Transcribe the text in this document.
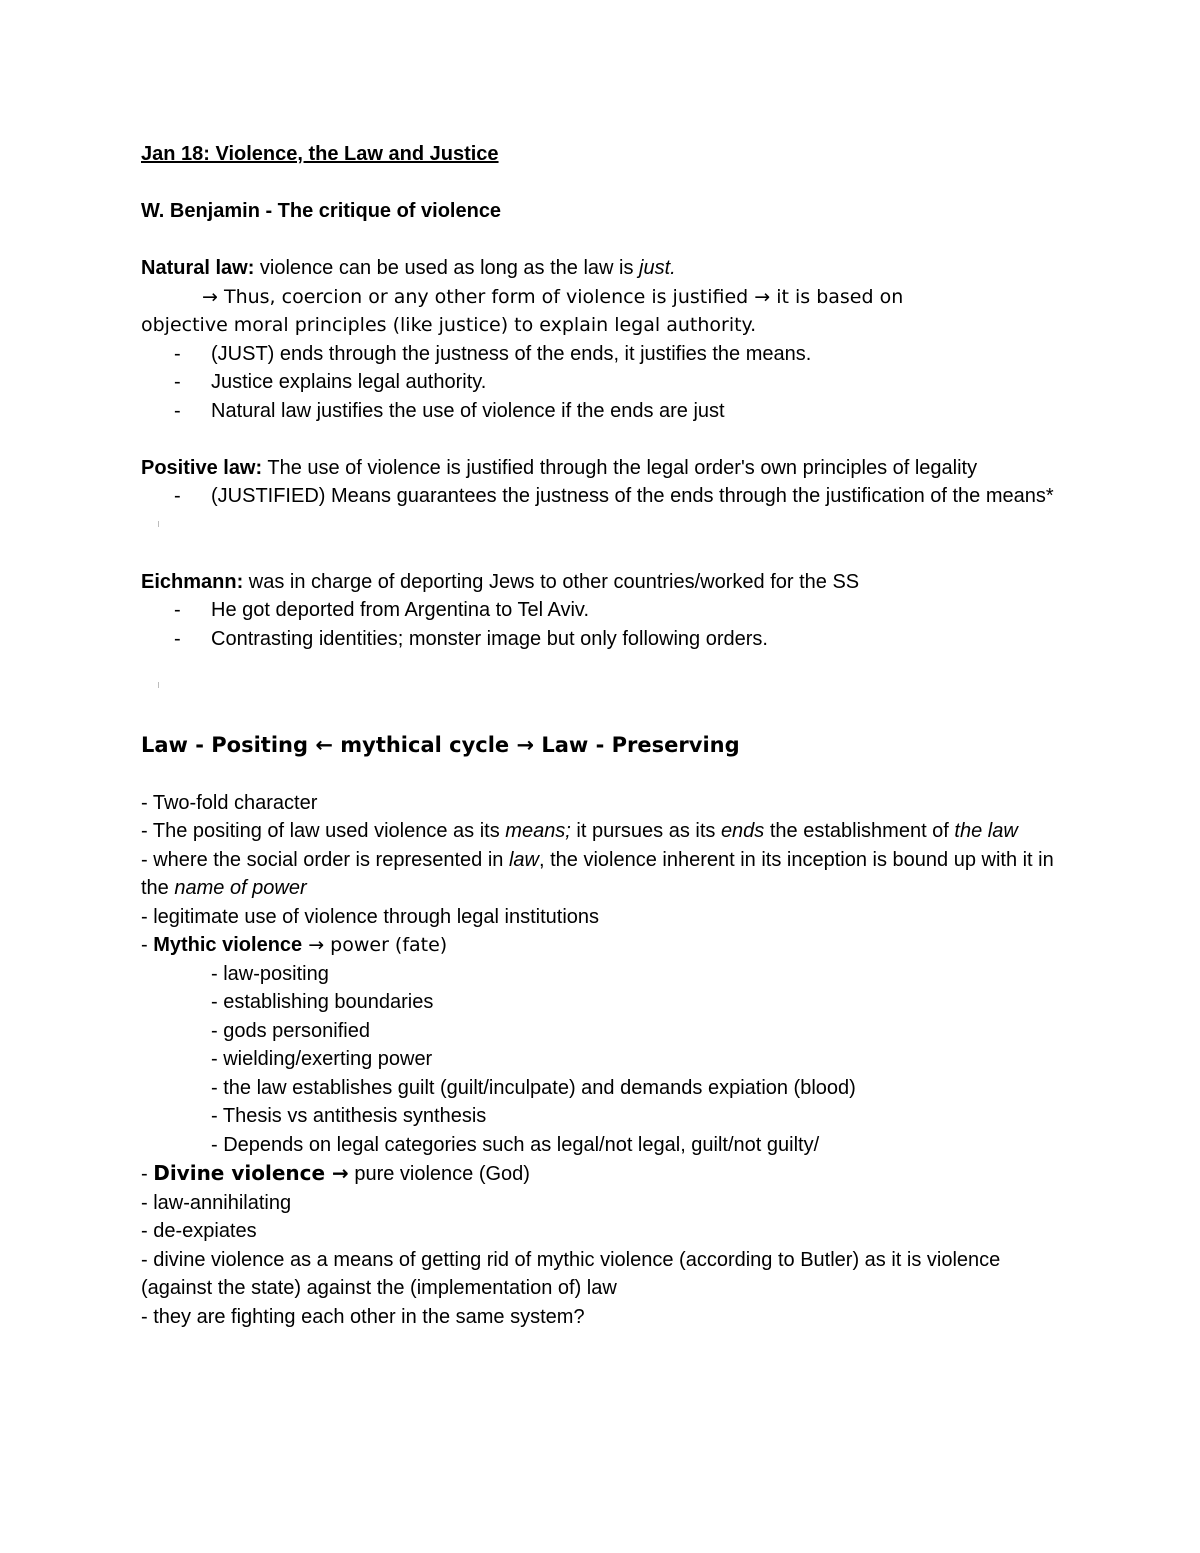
Jan 18: Violence, the Law and Justice

W. Benjamin - The critique of violence

Natural law: violence can be used as long as the law is just.

→ Thus, coercion or any other form of violence is justified → it is based on
objective moral principles (like justice) to explain legal authority.

- (JUST) ends through the justness of the ends, it justifies the means.
- Justice explains legal authority.
- Natural law justifies the use of violence if the ends are just

Positive law: The use of violence is justified through the legal order's own principles of legality

- (JUSTIFIED) Means guarantees the justness of the ends through the justification of the means*

Eichmann: was in charge of deporting Jews to other countries/worked for the SS

- He got deported from Argentina to Tel Aviv.
- Contrasting identities; monster image but only following orders.

Law - Positing ← mythical cycle → Law - Preserving

- Two-fold character

- The positing of law used violence as its means; it pursues as its ends the establishment of the law

- where the social order is represented in law, the violence inherent in its inception is bound up with it in the name of power

- legitimate use of violence through legal institutions

- Mythic violence → power (fate)

- law-positing

- establishing boundaries

- gods personified

- wielding/exerting power

- the law establishes guilt (guilt/inculpate) and demands expiation (blood)

- Thesis vs antithesis synthesis

- Depends on legal categories such as legal/not legal, guilt/not guilty/

- Divine violence → pure violence (God)

- law-annihilating

- de-expiates

- divine violence as a means of getting rid of mythic violence (according to Butler) as it is violence (against the state) against the (implementation of) law

- they are fighting each other in the same system?
